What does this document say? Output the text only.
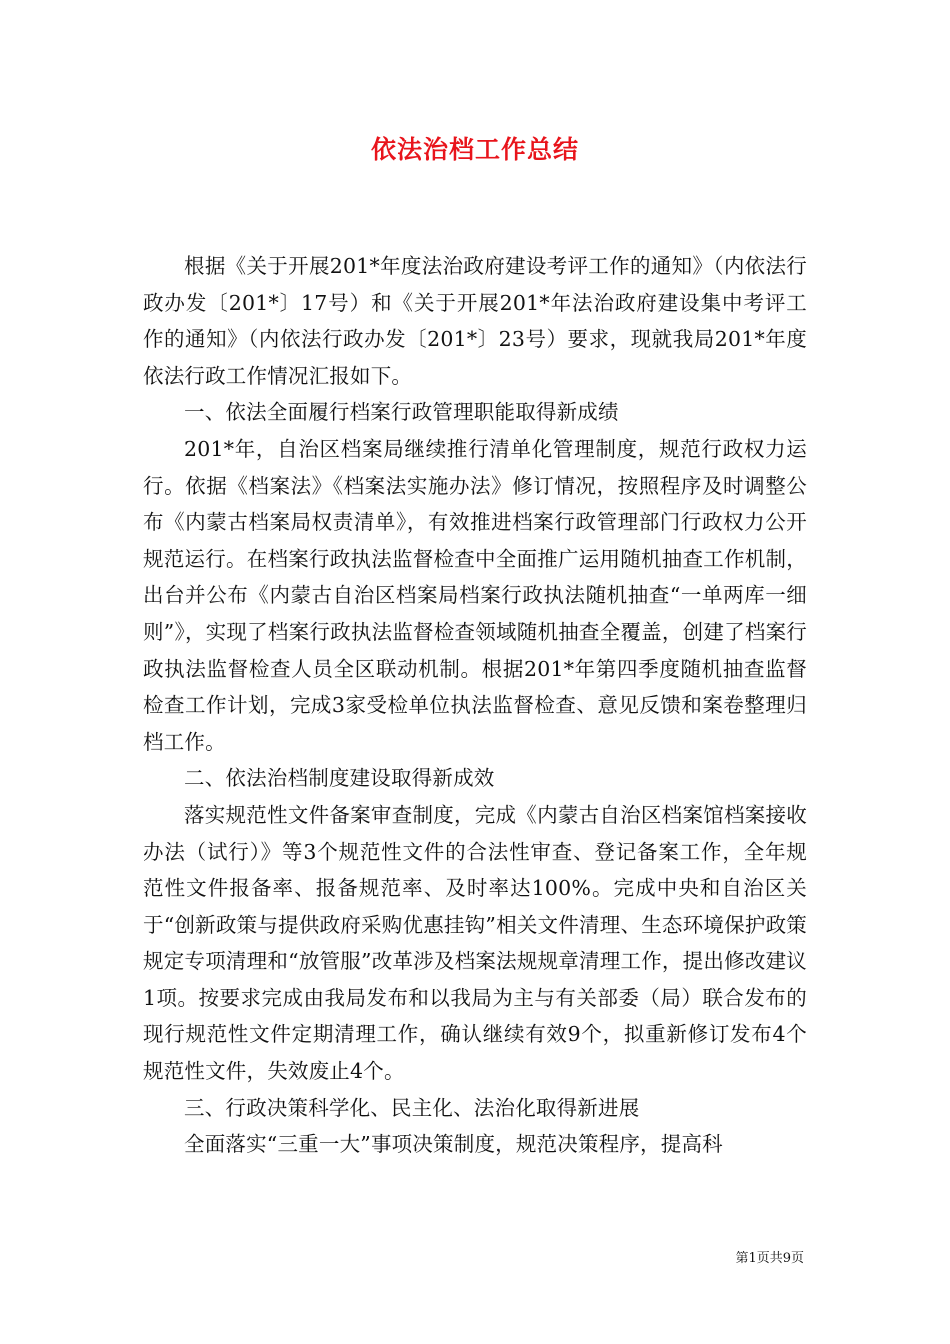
依法治档工作总结

根据《关于开展201*年度法治政府建设考评工作的通知》（内依法行政办发〔201*〕17号）和《关于开展201*年法治政府建设集中考评工作的通知》（内依法行政办发〔201*〕23号）要求，现就我局201*年度依法行政工作情况汇报如下。

一、依法全面履行档案行政管理职能取得新成绩

201*年，自治区档案局继续推行清单化管理制度，规范行政权力运行。依据《档案法》《档案法实施办法》修订情况，按照程序及时调整公布《内蒙古档案局权责清单》，有效推进档案行政管理部门行政权力公开规范运行。在档案行政执法监督检查中全面推广运用随机抽查工作机制，出台并公布《内蒙古自治区档案局档案行政执法随机抽查“一单两库一细则”》，实现了档案行政执法监督检查领域随机抽查全覆盖，创建了档案行政执法监督检查人员全区联动机制。根据201*年第四季度随机抽查监督检查工作计划，完成3家受检单位执法监督检查、意见反馈和案卷整理归档工作。

二、依法治档制度建设取得新成效

落实规范性文件备案审查制度，完成《内蒙古自治区档案馆档案接收办法（试行）》等3个规范性文件的合法性审查、登记备案工作，全年规范性文件报备率、报备规范率、及时率达100%。完成中央和自治区关于“创新政策与提供政府采购优惠挂钩”相关文件清理、生态环境保护政策规定专项清理和“放管服”改革涉及档案法规规章清理工作，提出修改建议1项。按要求完成由我局发布和以我局为主与有关部委（局）联合发布的现行规范性文件定期清理工作，确认继续有效9个，拟重新修订发布4个规范性文件，失效废止4个。

三、行政决策科学化、民主化、法治化取得新进展

全面落实“三重一大”事项决策制度，规范决策程序，提高科

第1页共9页
